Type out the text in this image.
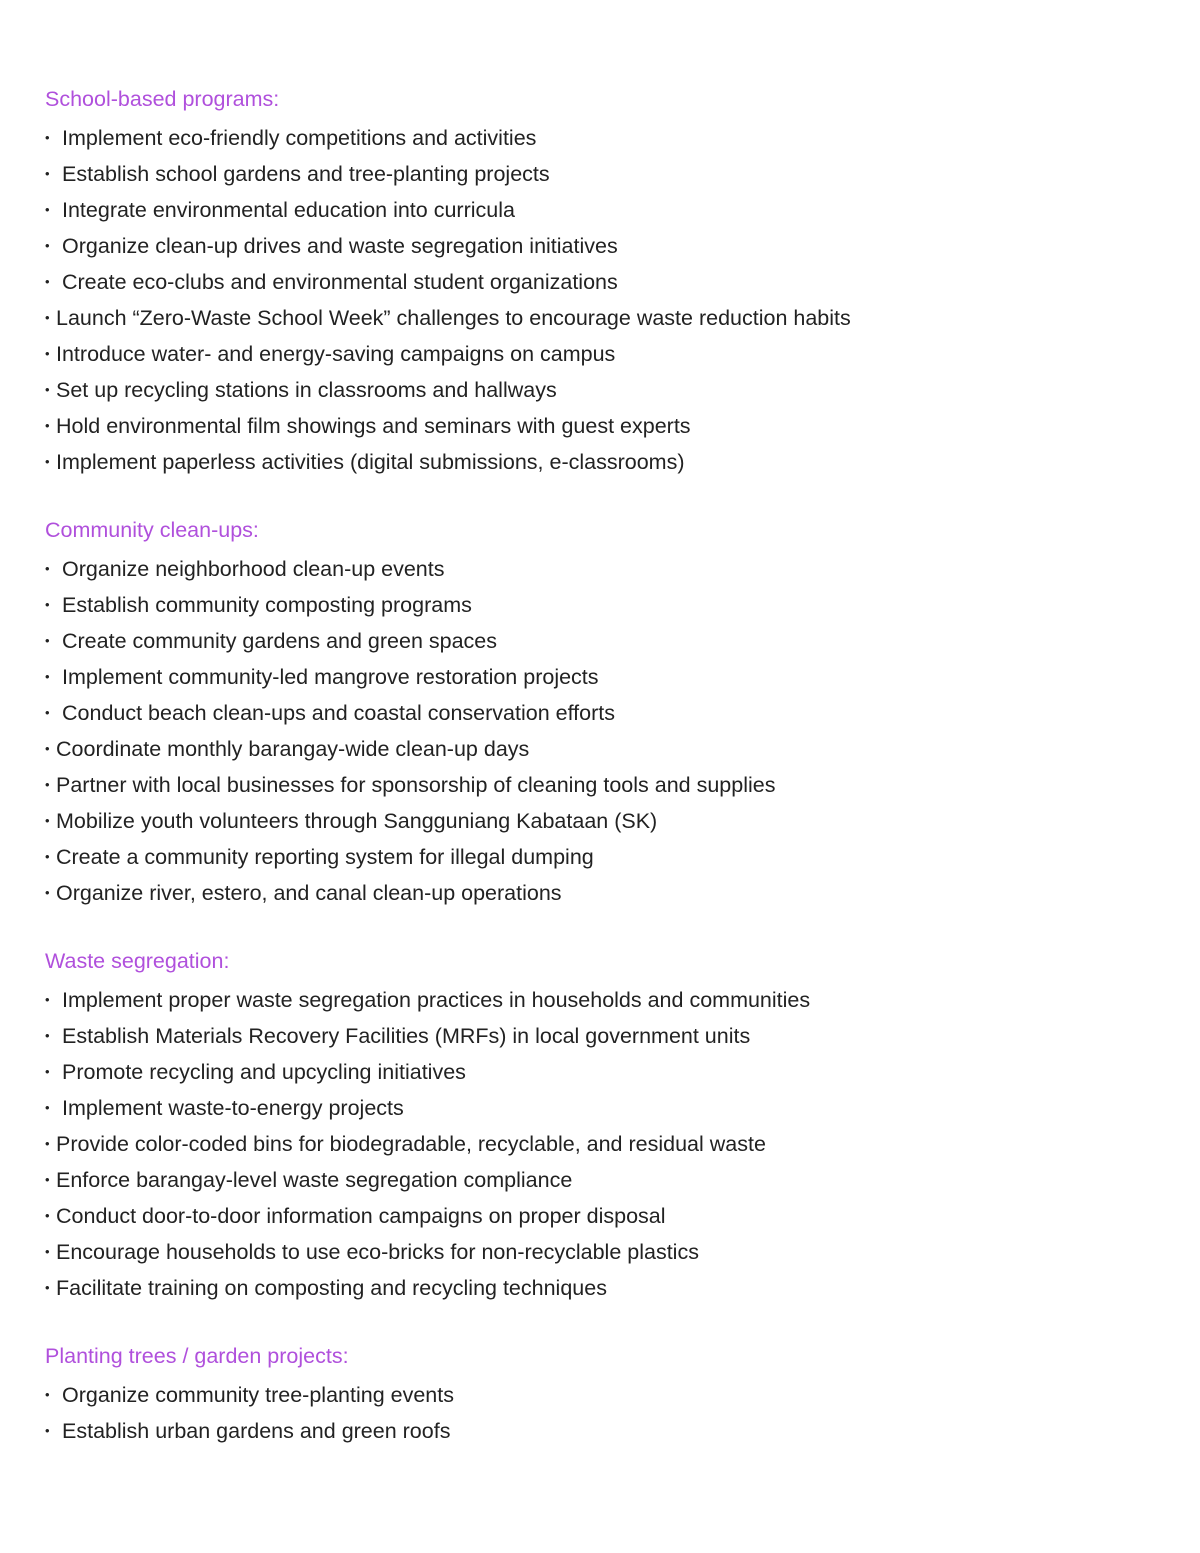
School-based programs:
• Implement eco-friendly competitions and activities
• Establish school gardens and tree-planting projects
• Integrate environmental education into curricula
• Organize clean-up drives and waste segregation initiatives
• Create eco-clubs and environmental student organizations
• Launch “Zero-Waste School Week” challenges to encourage waste reduction habits
• Introduce water- and energy-saving campaigns on campus
• Set up recycling stations in classrooms and hallways
• Hold environmental film showings and seminars with guest experts
• Implement paperless activities (digital submissions, e-classrooms)
Community clean-ups:
• Organize neighborhood clean-up events
• Establish community composting programs
• Create community gardens and green spaces
• Implement community-led mangrove restoration projects
• Conduct beach clean-ups and coastal conservation efforts
• Coordinate monthly barangay-wide clean-up days
• Partner with local businesses for sponsorship of cleaning tools and supplies
• Mobilize youth volunteers through Sangguniang Kabataan (SK)
• Create a community reporting system for illegal dumping
• Organize river, estero, and canal clean-up operations
Waste segregation:
• Implement proper waste segregation practices in households and communities
• Establish Materials Recovery Facilities (MRFs) in local government units
• Promote recycling and upcycling initiatives
• Implement waste-to-energy projects
• Provide color-coded bins for biodegradable, recyclable, and residual waste
• Enforce barangay-level waste segregation compliance
• Conduct door-to-door information campaigns on proper disposal
• Encourage households to use eco-bricks for non-recyclable plastics
• Facilitate training on composting and recycling techniques
Planting trees / garden projects:
• Organize community tree-planting events
• Establish urban gardens and green roofs
